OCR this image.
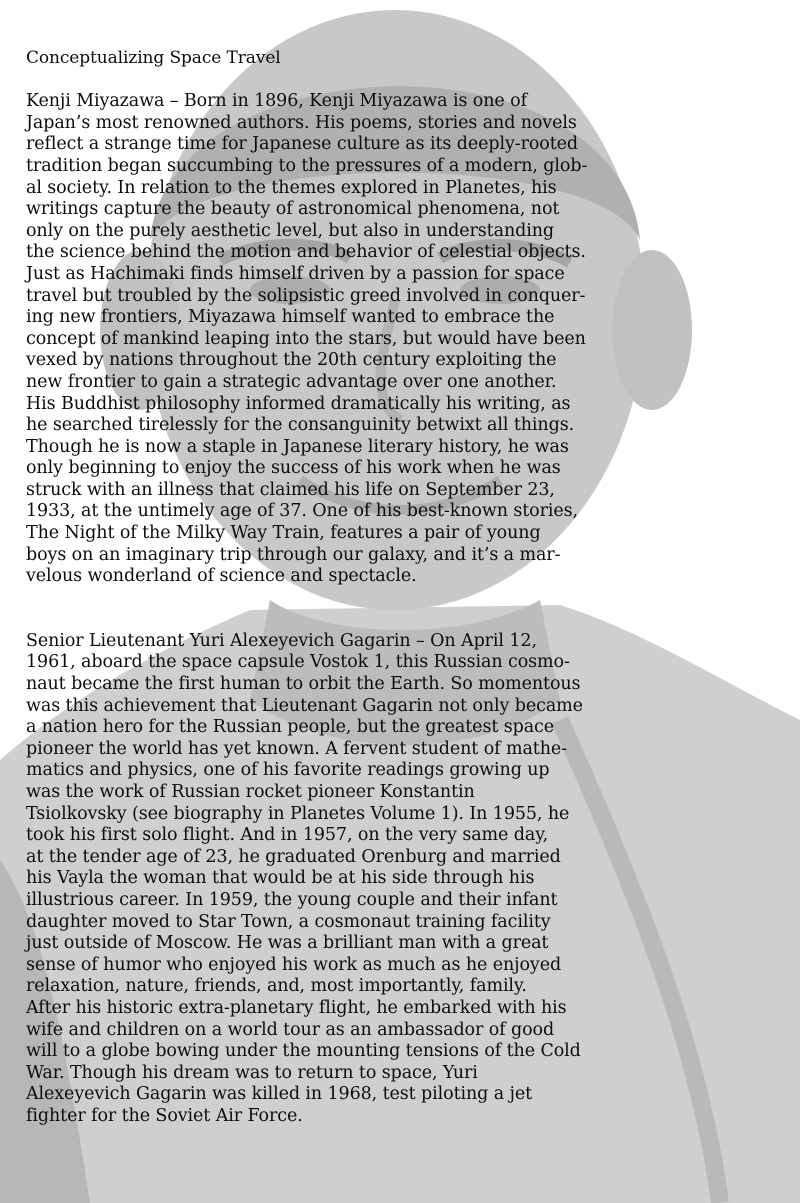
Conceptualizing Space Travel
Kenji Miyazawa – Born in 1896, Kenji Miyazawa is one of
Japan’s most renowned authors. His poems, stories and novels
reflect a strange time for Japanese culture as its deeply-rooted
tradition began succumbing to the pressures of a modern, glob-
al society. In relation to the themes explored in Planetes, his
writings capture the beauty of astronomical phenomena, not
only on the purely aesthetic level, but also in understanding
the science behind the motion and behavior of celestial objects.
Just as Hachimaki finds himself driven by a passion for space
travel but troubled by the solipsistic greed involved in conquer-
ing new frontiers, Miyazawa himself wanted to embrace the
concept of mankind leaping into the stars, but would have been
vexed by nations throughout the 20th century exploiting the
new frontier to gain a strategic advantage over one another.
His Buddhist philosophy informed dramatically his writing, as
he searched tirelessly for the consanguinity betwixt all things.
Though he is now a staple in Japanese literary history, he was
only beginning to enjoy the success of his work when he was
struck with an illness that claimed his life on September 23,
1933, at the untimely age of 37. One of his best-known stories,
The Night of the Milky Way Train, features a pair of young
boys on an imaginary trip through our galaxy, and it’s a mar-
velous wonderland of science and spectacle.
Senior Lieutenant Yuri Alexeyevich Gagarin – On April 12,
1961, aboard the space capsule Vostok 1, this Russian cosmo-
naut became the first human to orbit the Earth. So momentous
was this achievement that Lieutenant Gagarin not only became
a nation hero for the Russian people, but the greatest space
pioneer the world has yet known. A fervent student of mathe-
matics and physics, one of his favorite readings growing up
was the work of Russian rocket pioneer Konstantin
Tsiolkovsky (see biography in Planetes Volume 1). In 1955, he
took his first solo flight. And in 1957, on the very same day,
at the tender age of 23, he graduated Orenburg and married
his Vayla the woman that would be at his side through his
illustrious career. In 1959, the young couple and their infant
daughter moved to Star Town, a cosmonaut training facility
just outside of Moscow. He was a brilliant man with a great
sense of humor who enjoyed his work as much as he enjoyed
relaxation, nature, friends, and, most importantly, family.
After his historic extra-planetary flight, he embarked with his
wife and children on a world tour as an ambassador of good
will to a globe bowing under the mounting tensions of the Cold
War. Though his dream was to return to space, Yuri
Alexeyevich Gagarin was killed in 1968, test piloting a jet
fighter for the Soviet Air Force.
